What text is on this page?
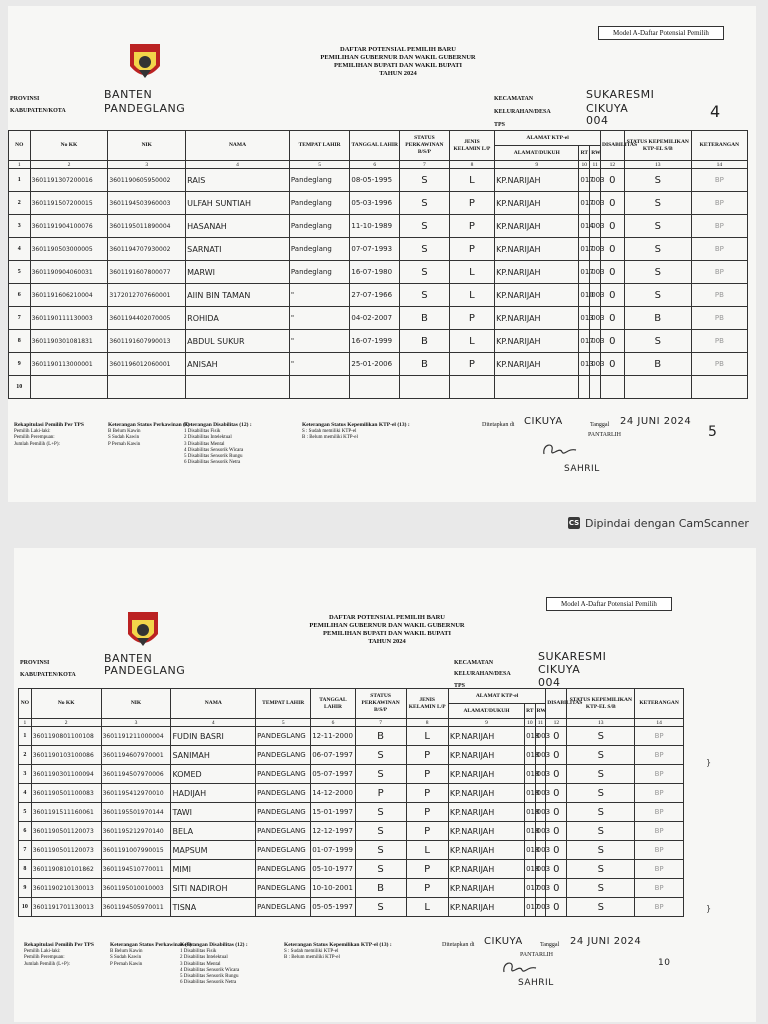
Model A-Daftar Potensial Pemilih
DAFTAR POTENSIAL PEMILIH BARU
PEMILIHAN GUBERNUR DAN WAKIL GUBERNUR
PEMILIHAN BUPATI DAN WAKIL BUPATI
TAHUN 2024
PROVINSI
KABUPATEN/KOTA
BANTEN
PANDEGLANG
KECAMATAN
KELURAHAN/DESA
TPS
SUKARESMI
CIKUYA
004	4
NO	No KK	NIK	NAMA	TEMPAT LAHIR	TANGGAL LAHIR	STATUS PERKAWINAN B/S/P	JENIS KELAMIN L/P	ALAMAT KTP-el			DISABILITAS	STATUS KEPEMILIKAN KTP-EL S/B	KETERANGAN
								ALAMAT/DUKUH	RT	RW			
1	2	3	4	5	6	7	8	9	10	11	12	13	14
1	3601191307200016	3601190605950002	RAIS	Pandeglang	08-05-1995	S	L	KP.NARIJAH	017	003	0	S	BP
2	3601191507200015	3601194503960003	ULFAH SUNTIAH	Pandeglang	05-03-1996	S	P	KP.NARIJAH	017	003	0	S	BP
3	3601191904100076	3601195011890004	HASANAH	Pandeglang	11-10-1989	S	P	KP.NARIJAH	014	003	0	S	BP
4	3601190503000005	3601194707930002	SARNATI	Pandeglang	07-07-1993	S	P	KP.NARIJAH	017	003	0	S	BP
5	3601190904060031	3601191607800077	MARWI	Pandeglang	16-07-1980	S	L	KP.NARIJAH	017	003	0	S	BP
6	3601191606210004	3172012707660001	AIIN BIN TAMAN	"	27-07-1966	S	L	KP.NARIJAH	010	003	0	S	PB
7	3601190111130003	3601194402070005	ROHIDA	"	04-02-2007	B	P	KP.NARIJAH	013	003	0	B	PB
8	3601190301081831	3601191607990013	ABDUL SUKUR	"	16-07-1999	B	L	KP.NARIJAH	017	003	0	S	PB
9	3601190113000001	3601196012060001	ANISAH	"	25-01-2006	B	P	KP.NARIJAH	013	003	0	B	PB
10													
Rekapitulasi Pemilih Per TPS
Pemilih Laki-laki:
Pemilih Perempuan:
Jumlah Pemilih (L+P):
Keterangan Status Perkawinan (7) :
B Belum Kawin
S Sudah Kawin
P Pernah Kawin
Keterangan Disabilitas (12) :
1 Disabilitas Fisik
2 Disabilitas Intelektual
3 Disabilitas Mental
4 Disabilitas Sensorik Wicara
5 Disabilitas Sensorik Rungu
6 Disabilitas Sensorik Netra
Keterangan Status Kepemilikan KTP-el (13) :
S : Sudah memiliki KTP-el
B : Belum memiliki KTP-el
Ditetapkan di CIKUYA	Tanggal 24 JUNI 2024
PANTARLIH	5
SAHRIL
CS Dipindai dengan CamScanner
Model A-Daftar Potensial Pemilih
DAFTAR POTENSIAL PEMILIH BARU
PEMILIHAN GUBERNUR DAN WAKIL GUBERNUR
PEMILIHAN BUPATI DAN WAKIL BUPATI
TAHUN 2024
PROVINSI
KABUPATEN/KOTA
BANTEN
PANDEGLANG
KECAMATAN
KELURAHAN/DESA
TPS
SUKARESMI
CIKUYA
004
NO	No KK	NIK	NAMA	TEMPAT LAHIR	TANGGAL LAHIR	STATUS PERKAWINAN B/S/P	JENIS KELAMIN L/P	ALAMAT KTP-el			DISABILITAS	STATUS KEPEMILIKAN KTP-EL S/B	KETERANGAN
								ALAMAT/DUKUH	RT	RW			
1	2	3	4	5	6	7	8	9	10	11	12	13	14
1	3601190801100108	3601191211000004	FUDIN BASRI	PANDEGLANG	12-11-2000	B	L	KP.NARIJAH	018	003	0	S	BP
2	3601190103100086	3601194607970001	SANIMAH	PANDEGLANG	06-07-1997	S	P	KP.NARIJAH	018	003	0	S	BP
3	3601190301100094	3601194507970006	KOMED	PANDEGLANG	05-07-1997	S	P	KP.NARIJAH	018	003	0	S	BP
4	3601190501100083	3601195412970010	HADIJAH	PANDEGLANG	14-12-2000	P	P	KP.NARIJAH	018	003	0	S	BP
5	3601191511160061	3601195501970144	TAWI	PANDEGLANG	15-01-1997	S	P	KP.NARIJAH	018	003	0	S	BP
6	3601190501120073	3601195212970140	BELA	PANDEGLANG	12-12-1997	S	P	KP.NARIJAH	018	003	0	S	BP
7	3601190501120073	3601191007990015	MAPSUM	PANDEGLANG	01-07-1999	S	L	KP.NARIJAH	018	003	0	S	BP
8	3601190810101862	3601194510770011	MIMI	PANDEGLANG	05-10-1977	S	P	KP.NARIJAH	018	003	0	S	BP
9	3601190210130013	3601195010010003	SITI NADIROH	PANDEGLANG	10-10-2001	B	P	KP.NARIJAH	017	003	0	S	BP
10	3601191701130013	3601194505970011	TISNA	PANDEGLANG	05-05-1997	S	L	KP.NARIJAH	017	003	0	S	BP
Rekapitulasi Pemilih Per TPS
Pemilih Laki-laki:
Pemilih Perempuan:
Jumlah Pemilih (L+P):
Keterangan Status Perkawinan (7) :
B Belum Kawin
S Sudah Kawin
P Pernah Kawin
Keterangan Disabilitas (12) :
1 Disabilitas Fisik
2 Disabilitas Intelektual
3 Disabilitas Mental
4 Disabilitas Sensorik Wicara
5 Disabilitas Sensorik Rungu
6 Disabilitas Sensorik Netra
Keterangan Status Kepemilikan KTP-el (13) :
S : Sudah memiliki KTP-el
B : Belum memiliki KTP-el
Ditetapkan di CIKUYA	Tanggal 24 JUNI 2024
PANTARLIH
10
SAHRIL
}
}
